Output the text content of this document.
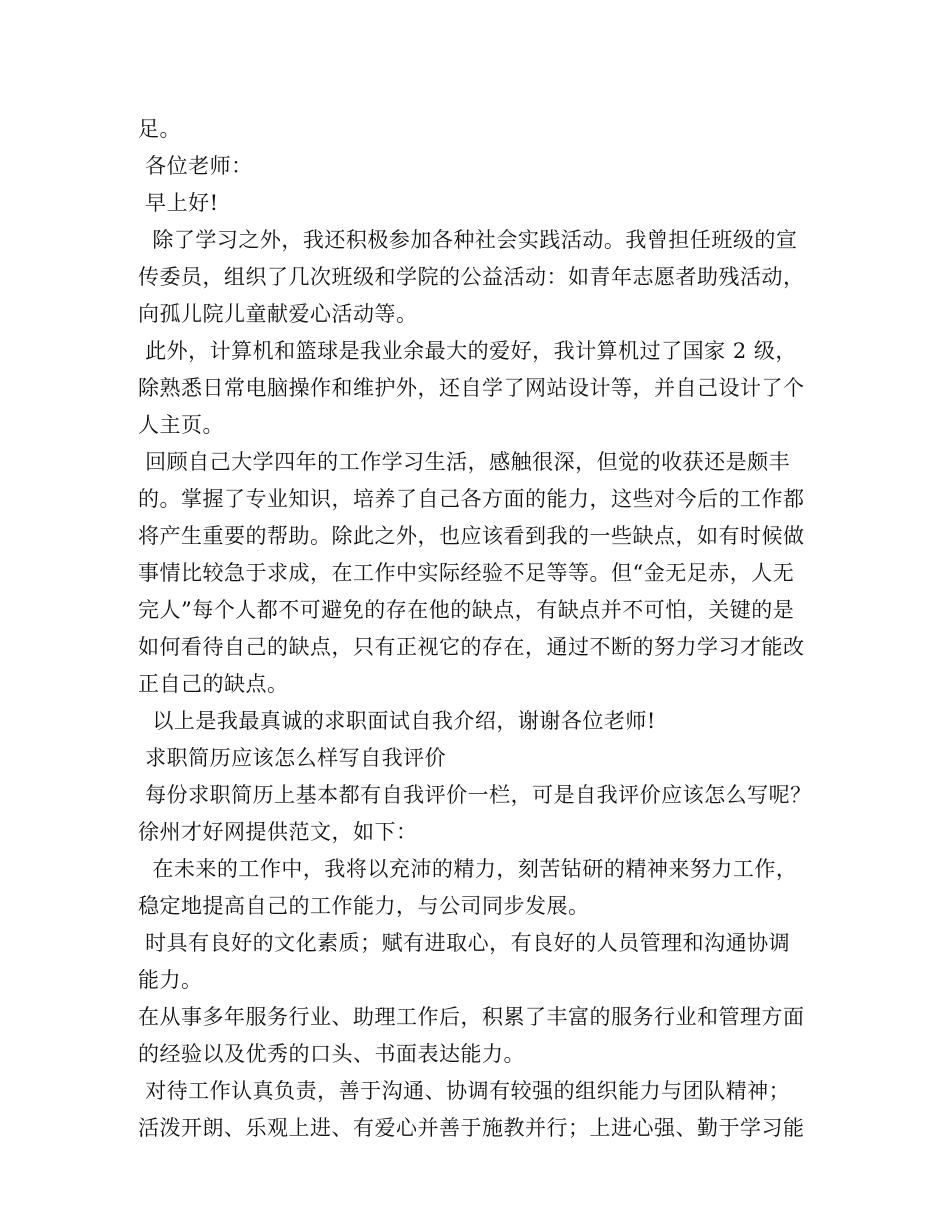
足。
各位老师：
早上好!
除了学习之外，我还积极参加各种社会实践活动。我曾担任班级的宣
传委员，组织了几次班级和学院的公益活动：如青年志愿者助残活动，
向孤儿院儿童献爱心活动等。
此外，计算机和篮球是我业余最大的爱好，我计算机过了国家 2 级，
除熟悉日常电脑操作和维护外，还自学了网站设计等，并自己设计了个
人主页。
回顾自己大学四年的工作学习生活，感触很深，但觉的收获还是颇丰
的。掌握了专业知识，培养了自己各方面的能力，这些对今后的工作都
将产生重要的帮助。除此之外，也应该看到我的一些缺点，如有时候做
事情比较急于求成，在工作中实际经验不足等等。但“金无足赤，人无
完人”每个人都不可避免的存在他的缺点，有缺点并不可怕，关键的是
如何看待自己的缺点，只有正视它的存在，通过不断的努力学习才能改
正自己的缺点。
以上是我最真诚的求职面试自我介绍，谢谢各位老师!
求职简历应该怎么样写自我评价
每份求职简历上基本都有自我评价一栏，可是自我评价应该怎么写呢？
徐州才好网提供范文，如下：
在未来的工作中，我将以充沛的精力，刻苦钻研的精神来努力工作，
稳定地提高自己的工作能力，与公司同步发展。
时具有良好的文化素质；赋有进取心，有良好的人员管理和沟通协调
能力。
在从事多年服务行业、助理工作后，积累了丰富的服务行业和管理方面
的经验以及优秀的口头、书面表达能力。
对待工作认真负责，善于沟通、协调有较强的组织能力与团队精神；
活泼开朗、乐观上进、有爱心并善于施教并行；上进心强、勤于学习能
